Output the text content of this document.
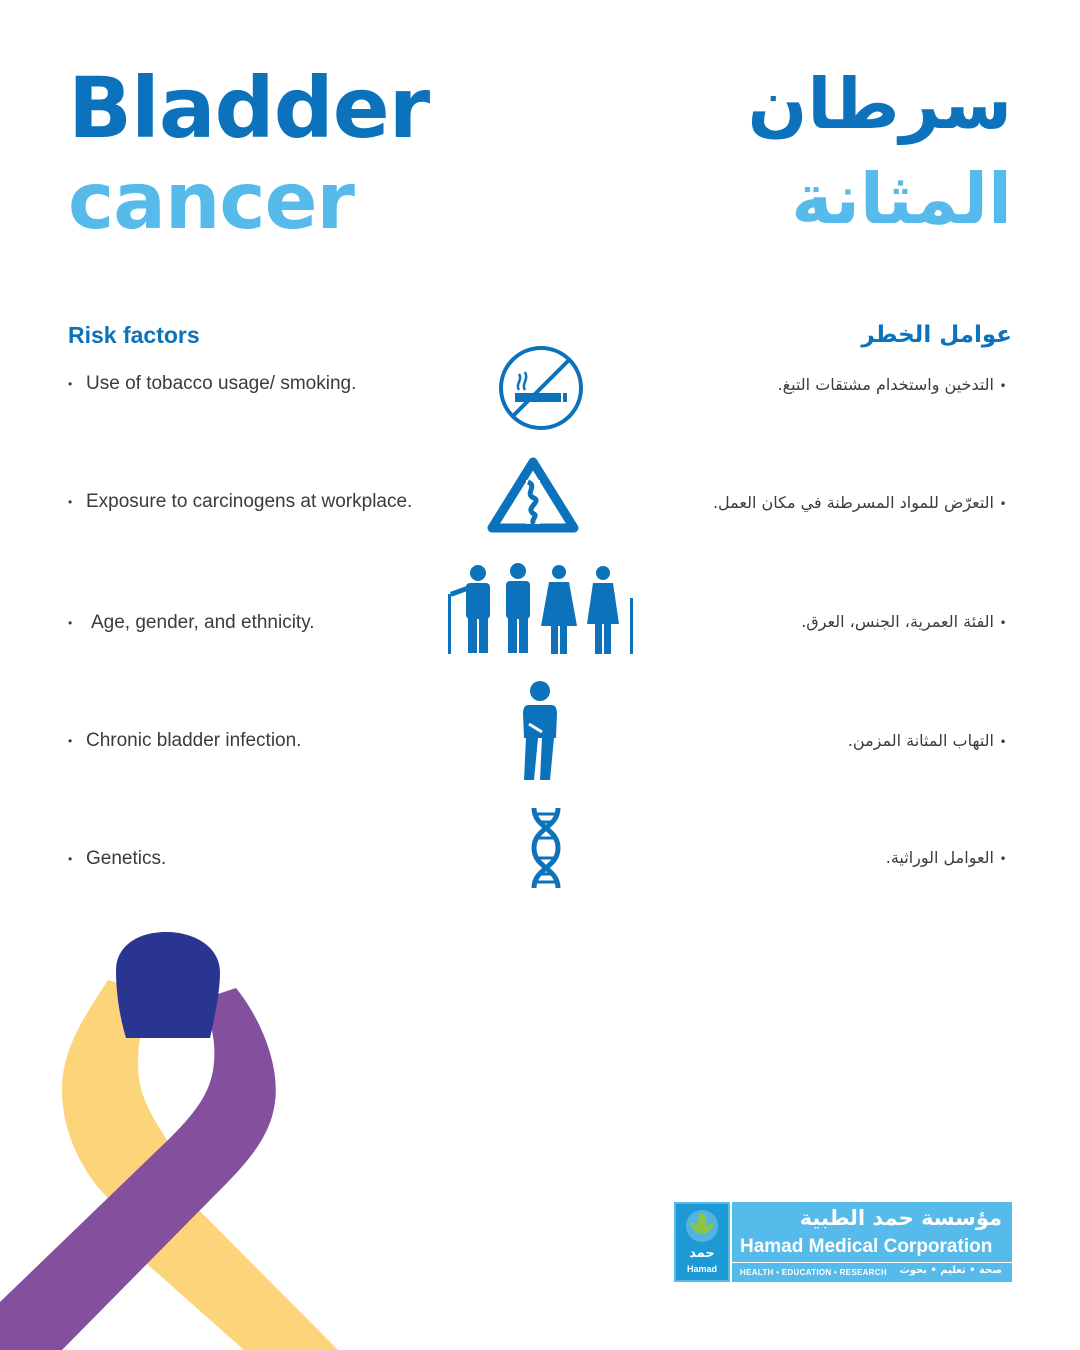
Bladder
cancer
سرطان
المثانة
Risk factors	عوامل الخطر
• Use of tobacco usage/ smoking.	•التدخين واستخدام مشتقات التبغ.
• Exposure to carcinogens at workplace.	•التعرّض للمواد المسرطنة في مكان العمل.
• Age, gender, and ethnicity.	•الفئة العمرية، الجنس، العرق.
• Chronic bladder infection.	•التهاب المثانة المزمن.
• Genetics.	•العوامل الوراثية.
حمد
Hamad
مؤسسة حمد الطبية
Hamad Medical Corporation
HEALTH • EDUCATION • RESEARCH صحة • تعليم • بحوث
